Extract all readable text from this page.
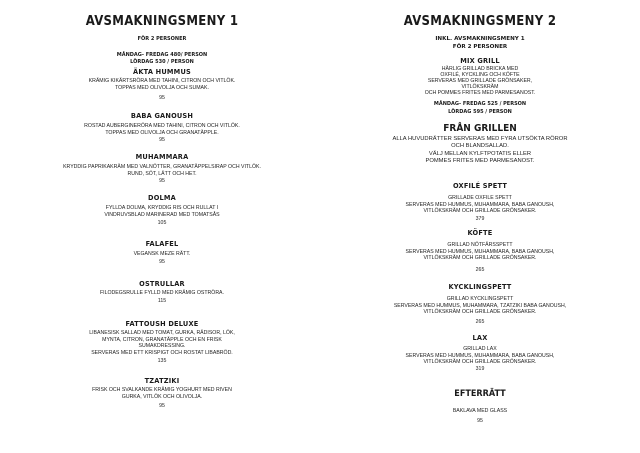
AVSMAKNINGSMENY 1
FÖR 2 PERSONER
MÅNDAG- FREDAG 480/ PERSON
LÖRDAG 530 / PERSON
ÄKTA HUMMUS
KRÄMIG KIKÄRTSRÖRA MED TAHINI, CITRON OCH VITLÖK.
TOPPAS MED OLIVOLJA OCH SUMAK.
95
BABA GANOUSH
ROSTAD AUBERGINERÖRA MED TAHINI, CITRON OCH VITLÖK.
TOPPAS MED OLIVOLJA OCH GRANATÄPPLE.
95
MUHAMMARA
KRYDDIG PAPRIKAKRÄM MED VALNÖTTER, GRANATÄPPELSIRAP OCH VITLÖK.
RUND, SÖT, LÄTT OCH HET.
95
DOLMA
FYLLDA DOLMA, KRYDDIG RIS OCH RULLAT I
VINDRUVSBLAD MARINERAD MED TOMATSÅS
105
FALAFEL
VEGANSK MEZE RÄTT.
95
OSTRULLAR
FILODEGSRULLE FYLLD MED KRÄMIG OSTRÖRA.
115
FATTOUSH DELUXE
LIBANESISK SALLAD MED TOMAT, GURKA, RÄDISOR, LÖK,
MYNTA, CITRON, GRANATÄPPLE OCH EN FRISK
SUMAKDRESSING.
SERVERAS MED ETT KRISPIGT OCH ROSTAT LIBABRÖD.
135
TZATZIKI
FRISK OCH SVALKANDE KRÄMIG YOGHURT MED RIVEN
GURKA, VITLÖK OCH OLIVOLJA.
95
AVSMAKNINGSMENY 2
INKL. AVSMAKNINGSMENY 1
FÖR 2 PERSONER
MIX GRILL
HÄRLIG GRILLAD BRICKA MED
OXFILÉ, KYCKLING OCH KÖFTE
SERVERAS MED GRILLADE GRÖNSAKER,
VITLÖKSKRÄM
OCH POMMES FRITES MED PARMESANOST.
MÅNDAG- FREDAG 525 / PERSON
LÖRDAG 595 / PERSON
FRÅN GRILLEN
ALLA HUVUDRÄTTER SERVERAS MED FYRA UTSÖKTA RÖROR
OCH BLANDSALLAD.
VÄLJ MELLAN KYLFTPOTATIS ELLER
POMMES FRITES MED PARMESANOST.
OXFILÉ SPETT
GRILLADE OXFILE SPETT
SERVERAS MED HUMMUS, MUHAMMARA, BABA GANOUSH,
VITLÖKSKRÄM OCH GRILLADE GRÖNSAKER.
379
KÖFTE
GRILLAD NÖTFÄRSSPETT
SERVERAS MED HUMMUS, MUHAMMARA, BABA GANOUSH,
VITLÖKSKRÄM OCH GRILLADE GRÖNSAKER.
265
KYCKLINGSPETT
GRILLAD KYCKLINGSPETT
SERVERAS MED HUMMUS, MUHAMMARA, TZATZIKI BABA GANOUSH,
VITLÖKSKRÄM OCH GRILLADE GRÖNSAKER.
265
LAX
GRILLAD LAX
SERVERAS MED HUMMUS, MUHAMMARA, BABA GANOUSH,
VITLÖKSKRÄM OCH GRILLADE GRÖNSAKER.
319
EFTERRÄTT
BAKLAVA MED GLASS
95
